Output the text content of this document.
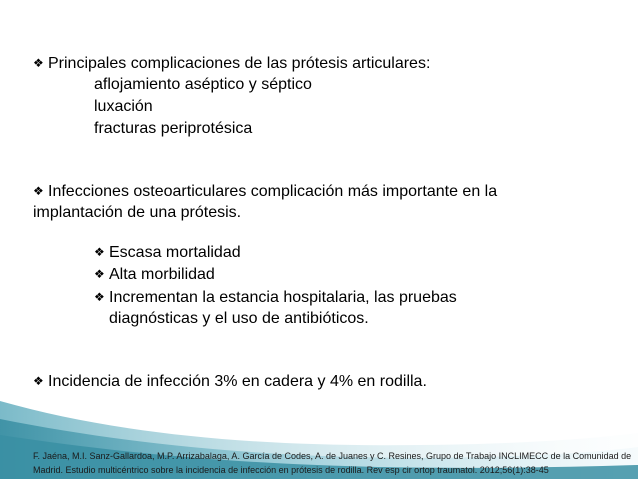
❖ Principales complicaciones de las prótesis articulares:
aflojamiento aséptico y séptico
luxación
fracturas periprotésica
❖ Infecciones osteoarticulares complicación más importante en la
implantación de una prótesis.
❖ Escasa mortalidad
❖ Alta morbilidad
❖ Incrementan la estancia hospitalaria, las pruebas
diagnósticas y el uso de antibióticos.
❖ Incidencia de infección 3% en cadera y 4% en rodilla.
F. Jaéna, M.I. Sanz-Gallardoa, M.P. Arrizabalaga, A. García de Codes, A. de Juanes y C. Resines, Grupo de Trabajo INCLIMECC de la Comunidad de
Madrid. Estudio multicéntrico sobre la incidencia de infección en prótesis de rodilla. Rev esp cir ortop traumatol. 2012;56(1):38-45
